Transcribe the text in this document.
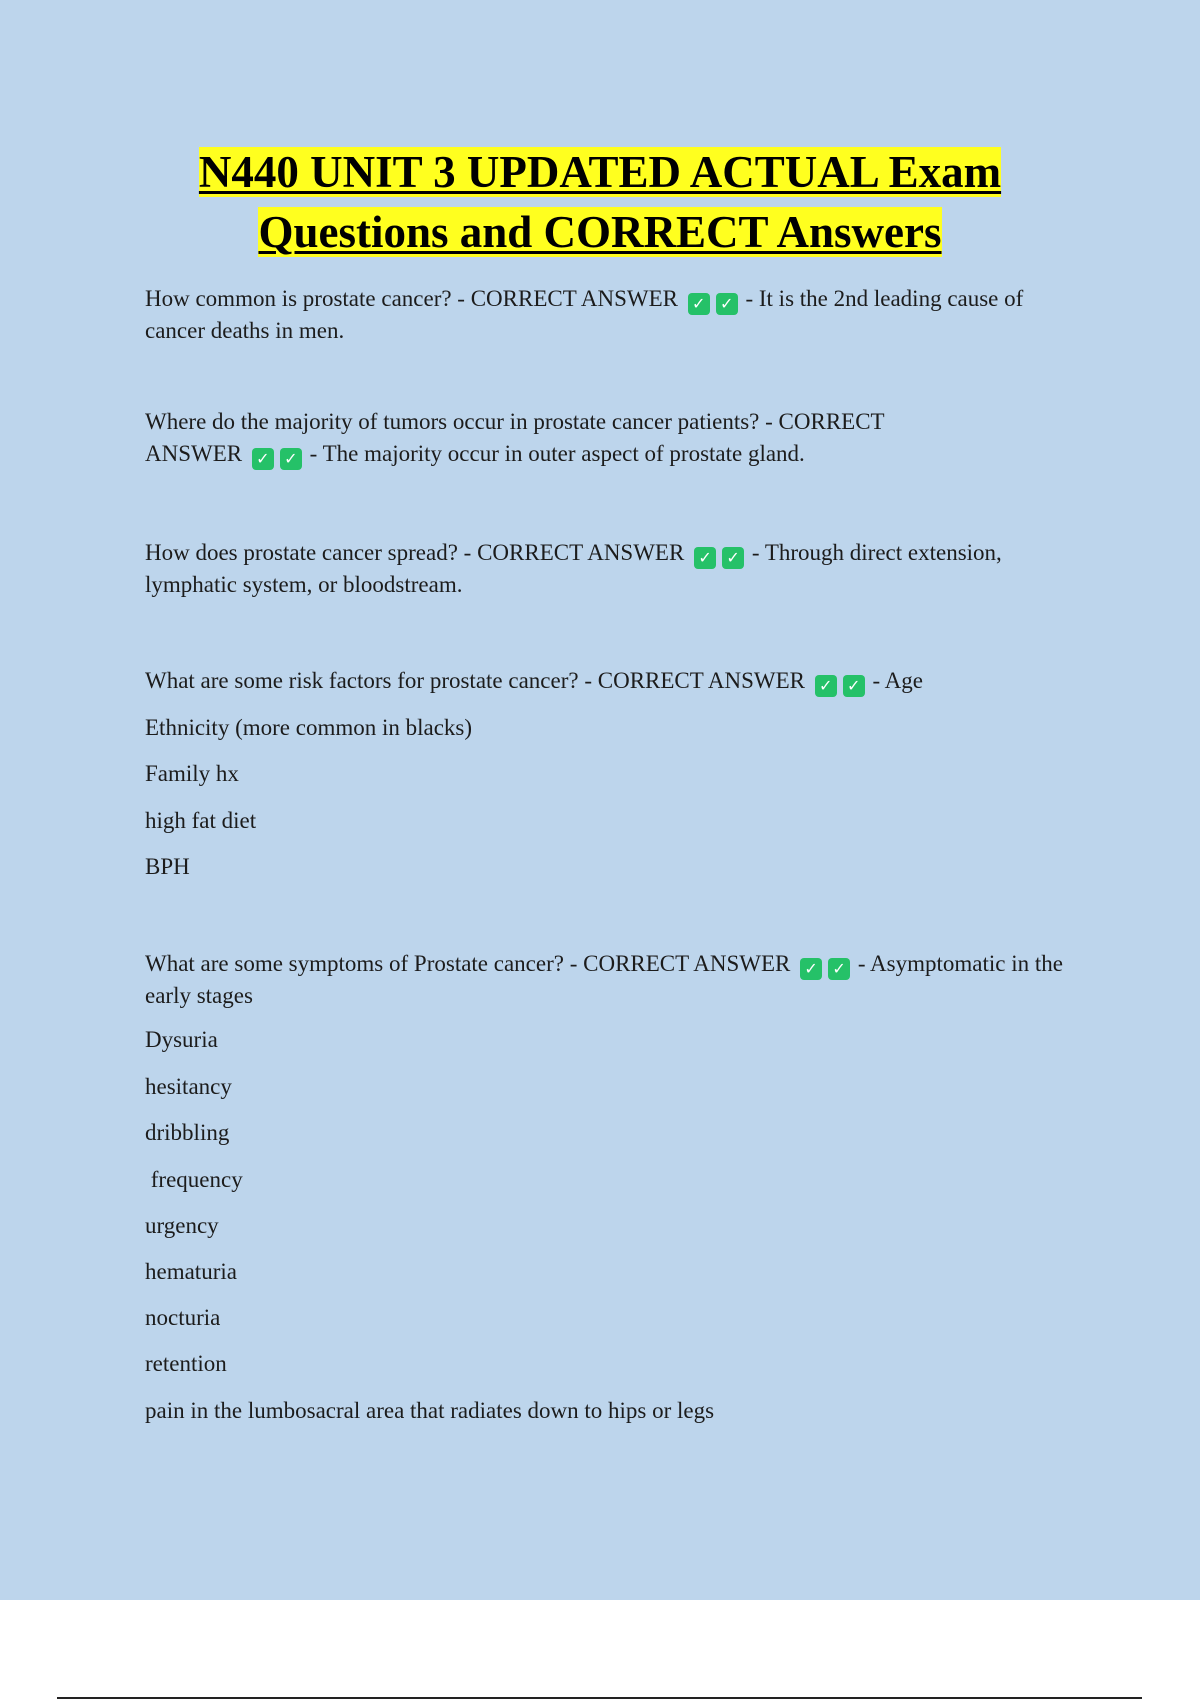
N440 UNIT 3 UPDATED ACTUAL Exam
Questions and CORRECT Answers
How common is prostate cancer? - CORRECT ANSWER ✓ ✓ - It is the 2nd leading cause of cancer deaths in men.
Where do the majority of tumors occur in prostate cancer patients? - CORRECT ANSWER ✓ ✓ - The majority occur in outer aspect of prostate gland.
How does prostate cancer spread? - CORRECT ANSWER ✓ ✓ - Through direct extension, lymphatic system, or bloodstream.
What are some risk factors for prostate cancer? - CORRECT ANSWER ✓ ✓ - Age
Ethnicity (more common in blacks)
Family hx
high fat diet
BPH
What are some symptoms of Prostate cancer? - CORRECT ANSWER ✓ ✓ - Asymptomatic in the early stages
Dysuria
hesitancy
dribbling
frequency
urgency
hematuria
nocturia
retention
pain in the lumbosacral area that radiates down to hips or legs
